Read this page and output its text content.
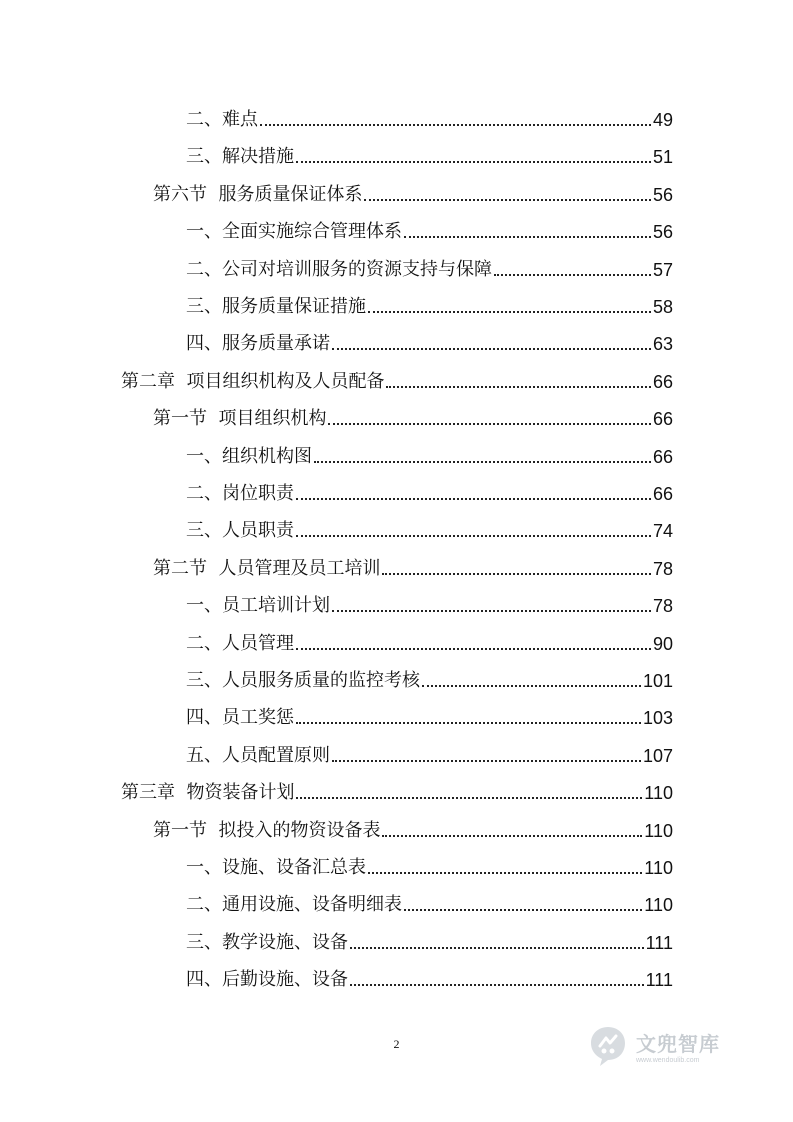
二、难点	49
三、解决措施	51
第六节  服务质量保证体系	56
一、全面实施综合管理体系	56
二、公司对培训服务的资源支持与保障	57
三、服务质量保证措施	58
四、服务质量承诺	63
第二章  项目组织机构及人员配备	66
第一节  项目组织机构	66
一、组织机构图	66
二、岗位职责	66
三、人员职责	74
第二节  人员管理及员工培训	78
一、员工培训计划	78
二、人员管理	90
三、人员服务质量的监控考核	101
四、员工奖惩	103
五、人员配置原则	107
第三章  物资装备计划	110
第一节  拟投入的物资设备表	110
一、设施、设备汇总表	110
二、通用设施、设备明细表	110
三、教学设施、设备	111
四、后勤设施、设备	111
2	文兜智库
www.wendoulib.com
